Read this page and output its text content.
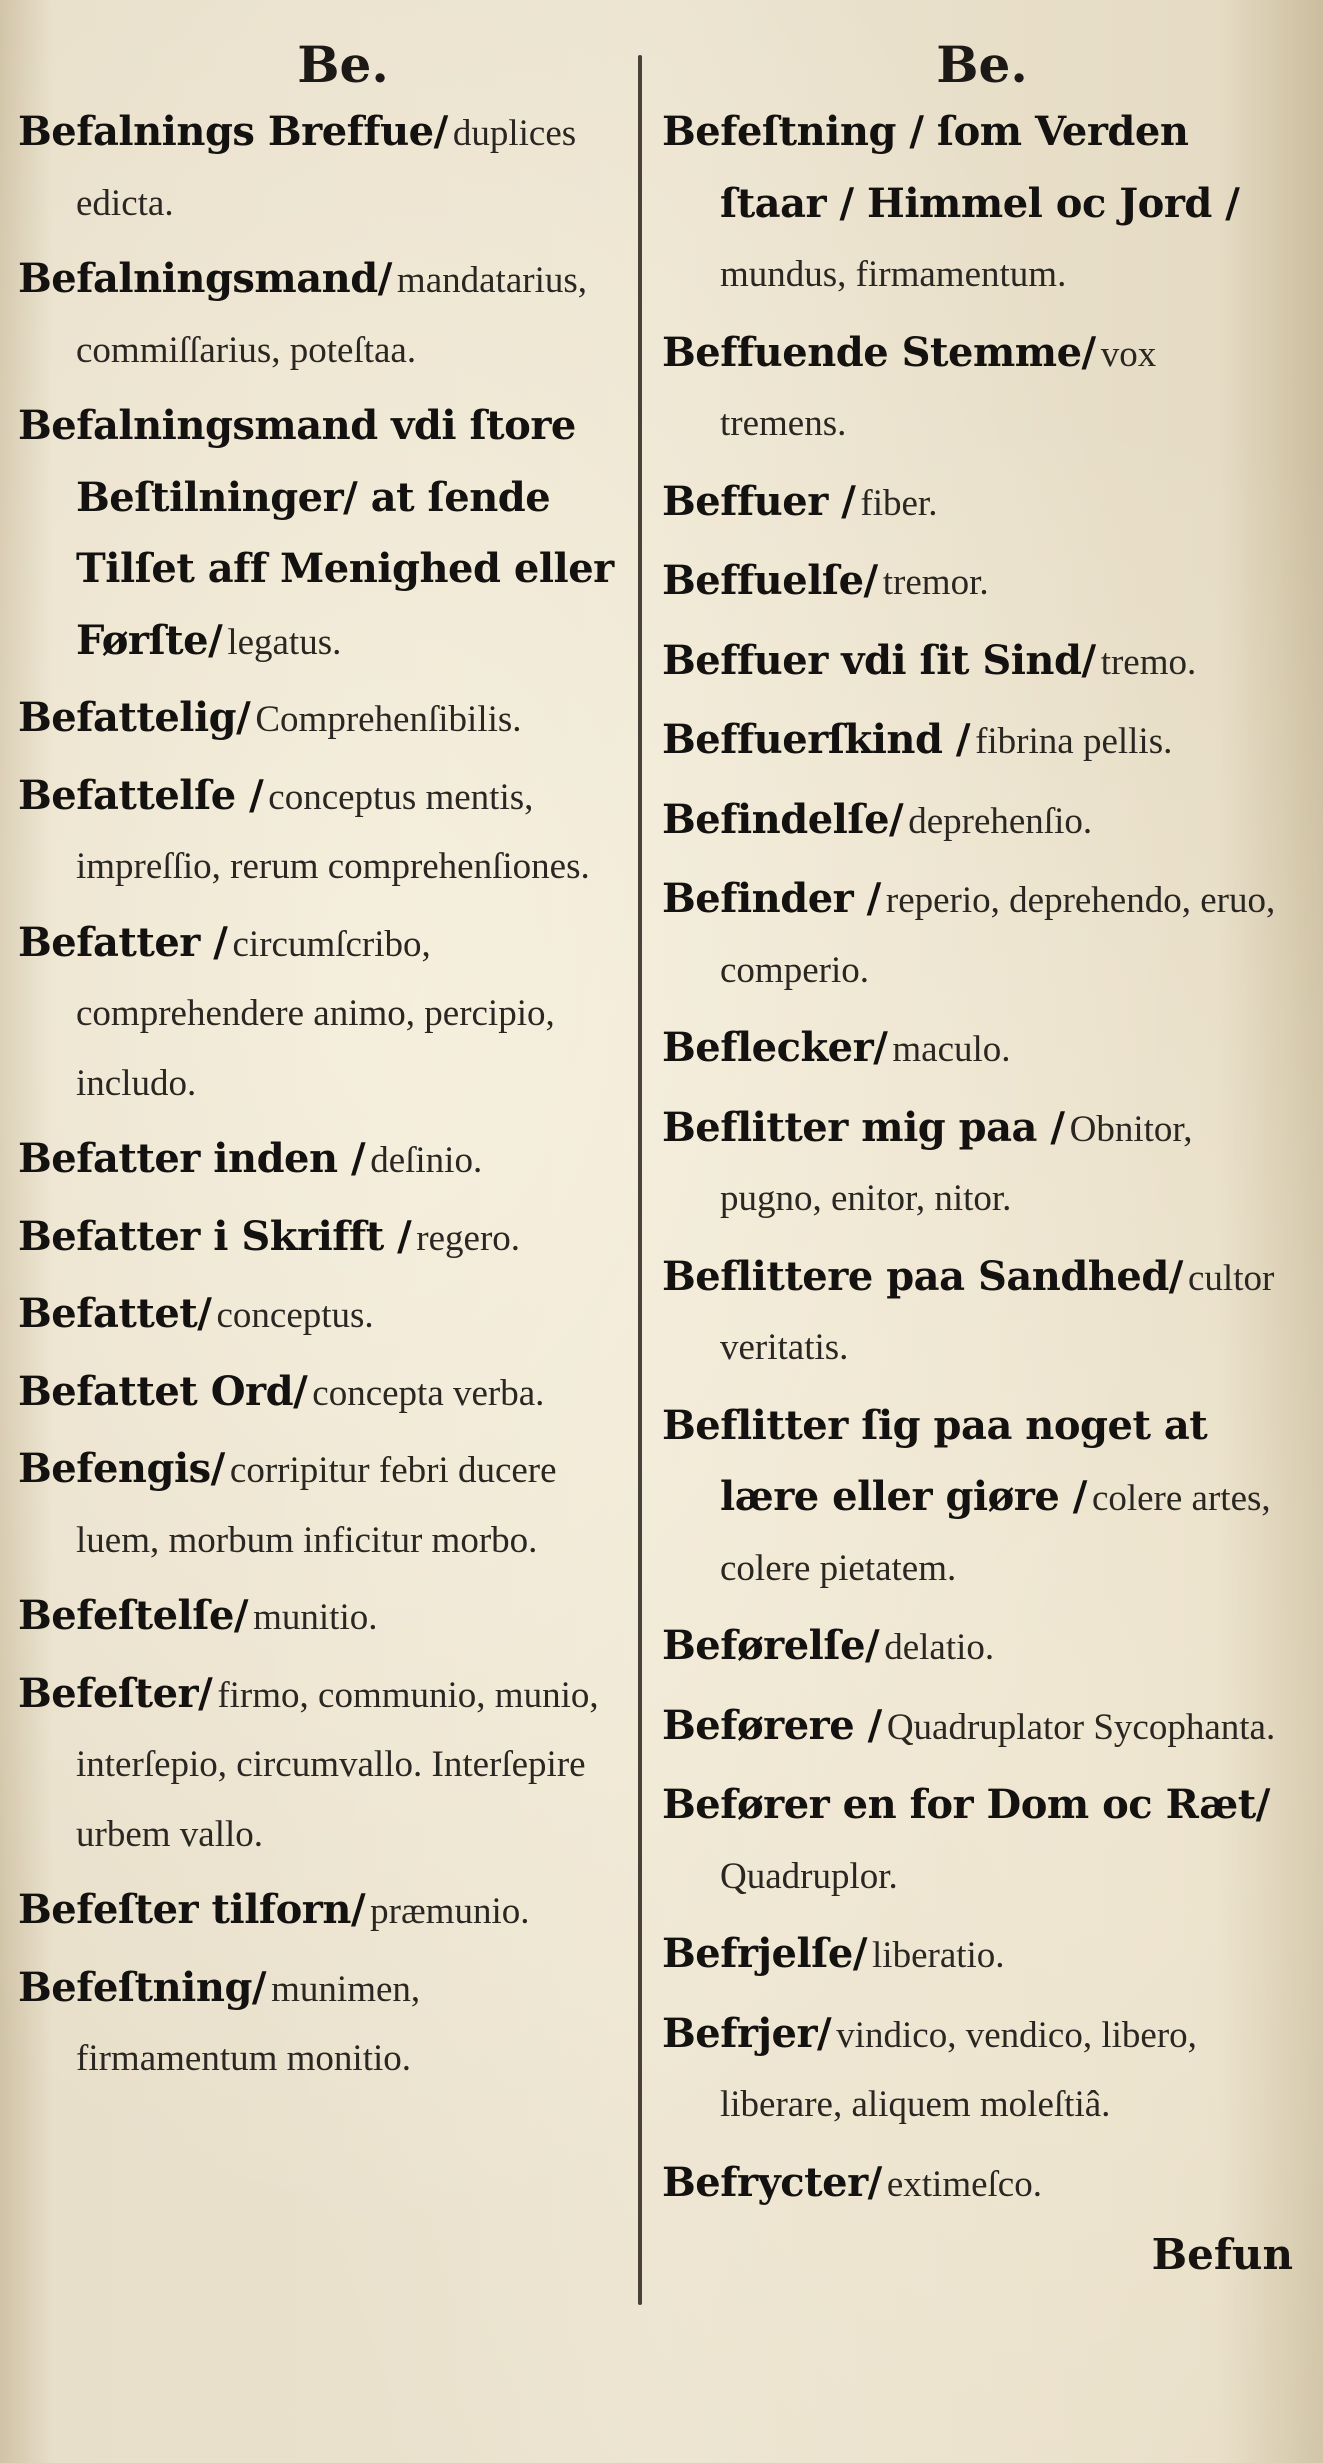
Be.

Befalnings Breffue/ duplices edicta.

Befalningsmand/ mandatarius, commiſſarius, poteſtaa.

Befalningsmand vdi ſtore Beſtilninger/ at ſende Tilſet aff Menighed eller Førſte/ legatus.

Befattelig/ Comprehenſibilis.

Befattelſe / conceptus mentis, impreſſio, rerum comprehenſiones.

Befatter / circumſcribo, comprehendere animo, percipio, includo.

Befatter inden / deſinio.

Befatter i Skrifft / regero.

Befattet/ conceptus.

Befattet Ord/ concepta verba.

Befengis/ corripitur febri ducere luem, morbum inficitur morbo.

Befeſtelſe/ munitio.

Befeſter/ firmo, communio, munio, interſepio, circumvallo. Interſepire urbem vallo.

Befeſter tilforn/ præmunio.

Befeſtning/ munimen, firmamentum monitio.

Be.

Befeſtning / ſom Verden ſtaar / Himmel oc Jord / mundus, firmamentum.

Beffuende Stemme/ vox tremens.

Beffuer / fiber.

Beffuelſe/ tremor.

Beffuer vdi ſit Sind/ tremo.

Beffuerſkind / fibrina pellis.

Befindelſe/ deprehenſio.

Befinder / reperio, deprehendo, eruo, comperio.

Beflecker/ maculo.

Beflitter mig paa / Obnitor, pugno, enitor, nitor.

Beflittere paa Sandhed/ cultor veritatis.

Beflitter ſig paa noget at lære eller giøre / colere artes, colere pietatem.

Beførelſe/ delatio.

Beførere / Quadruplator Sycophanta.

Befører en for Dom oc Ræt/ Quadruplor.

Befrjelſe/ liberatio.

Befrjer/ vindico, vendico, libero, liberare, aliquem moleſtiâ.

Befrycter/ extimeſco.

Befun
